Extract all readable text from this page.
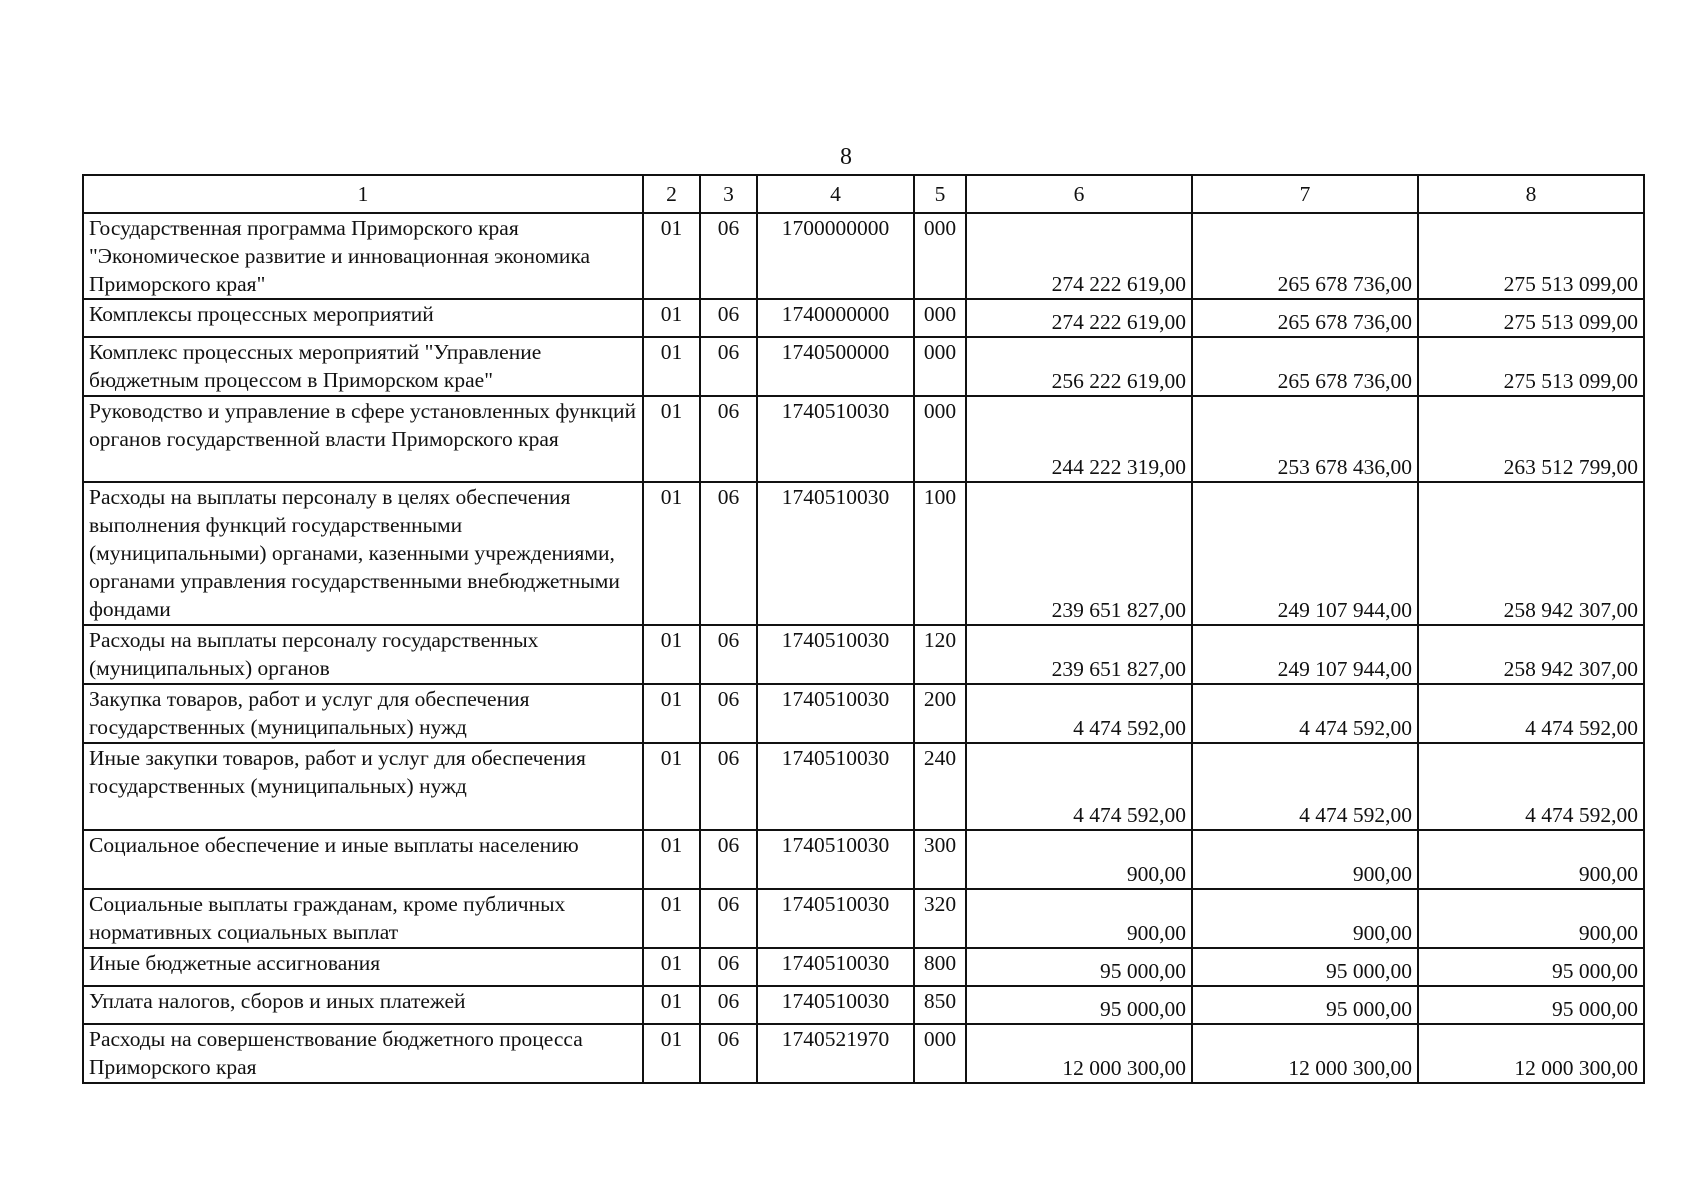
8
1	2	3	4	5	6	7	8
Государственная программа Приморского края "Экономическое развитие и инновационная экономика Приморского края"	01	06	1700000000	000	274 222 619,00	265 678 736,00	275 513 099,00
Комплексы процессных мероприятий	01	06	1740000000	000	274 222 619,00	265 678 736,00	275 513 099,00
Комплекс процессных мероприятий "Управление бюджетным процессом в Приморском крае"	01	06	1740500000	000	256 222 619,00	265 678 736,00	275 513 099,00
Руководство и управление в сфере установленных функций органов государственной власти Приморского края	01	06	1740510030	000	244 222 319,00	253 678 436,00	263 512 799,00
Расходы на выплаты персоналу в целях обеспечения выполнения функций государственными (муниципальными) органами, казенными учреждениями, органами управления государственными внебюджетными фондами	01	06	1740510030	100	239 651 827,00	249 107 944,00	258 942 307,00
Расходы на выплаты персоналу государственных (муниципальных) органов	01	06	1740510030	120	239 651 827,00	249 107 944,00	258 942 307,00
Закупка товаров, работ и услуг для обеспечения государственных (муниципальных) нужд	01	06	1740510030	200	4 474 592,00	4 474 592,00	4 474 592,00
Иные закупки товаров, работ и услуг для обеспечения государственных (муниципальных) нужд	01	06	1740510030	240	4 474 592,00	4 474 592,00	4 474 592,00
Социальное обеспечение и иные выплаты населению	01	06	1740510030	300	900,00	900,00	900,00
Социальные выплаты гражданам, кроме публичных нормативных социальных выплат	01	06	1740510030	320	900,00	900,00	900,00
Иные бюджетные ассигнования	01	06	1740510030	800	95 000,00	95 000,00	95 000,00
Уплата налогов, сборов и иных платежей	01	06	1740510030	850	95 000,00	95 000,00	95 000,00
Расходы на совершенствование бюджетного процесса Приморского края	01	06	1740521970	000	12 000 300,00	12 000 300,00	12 000 300,00
